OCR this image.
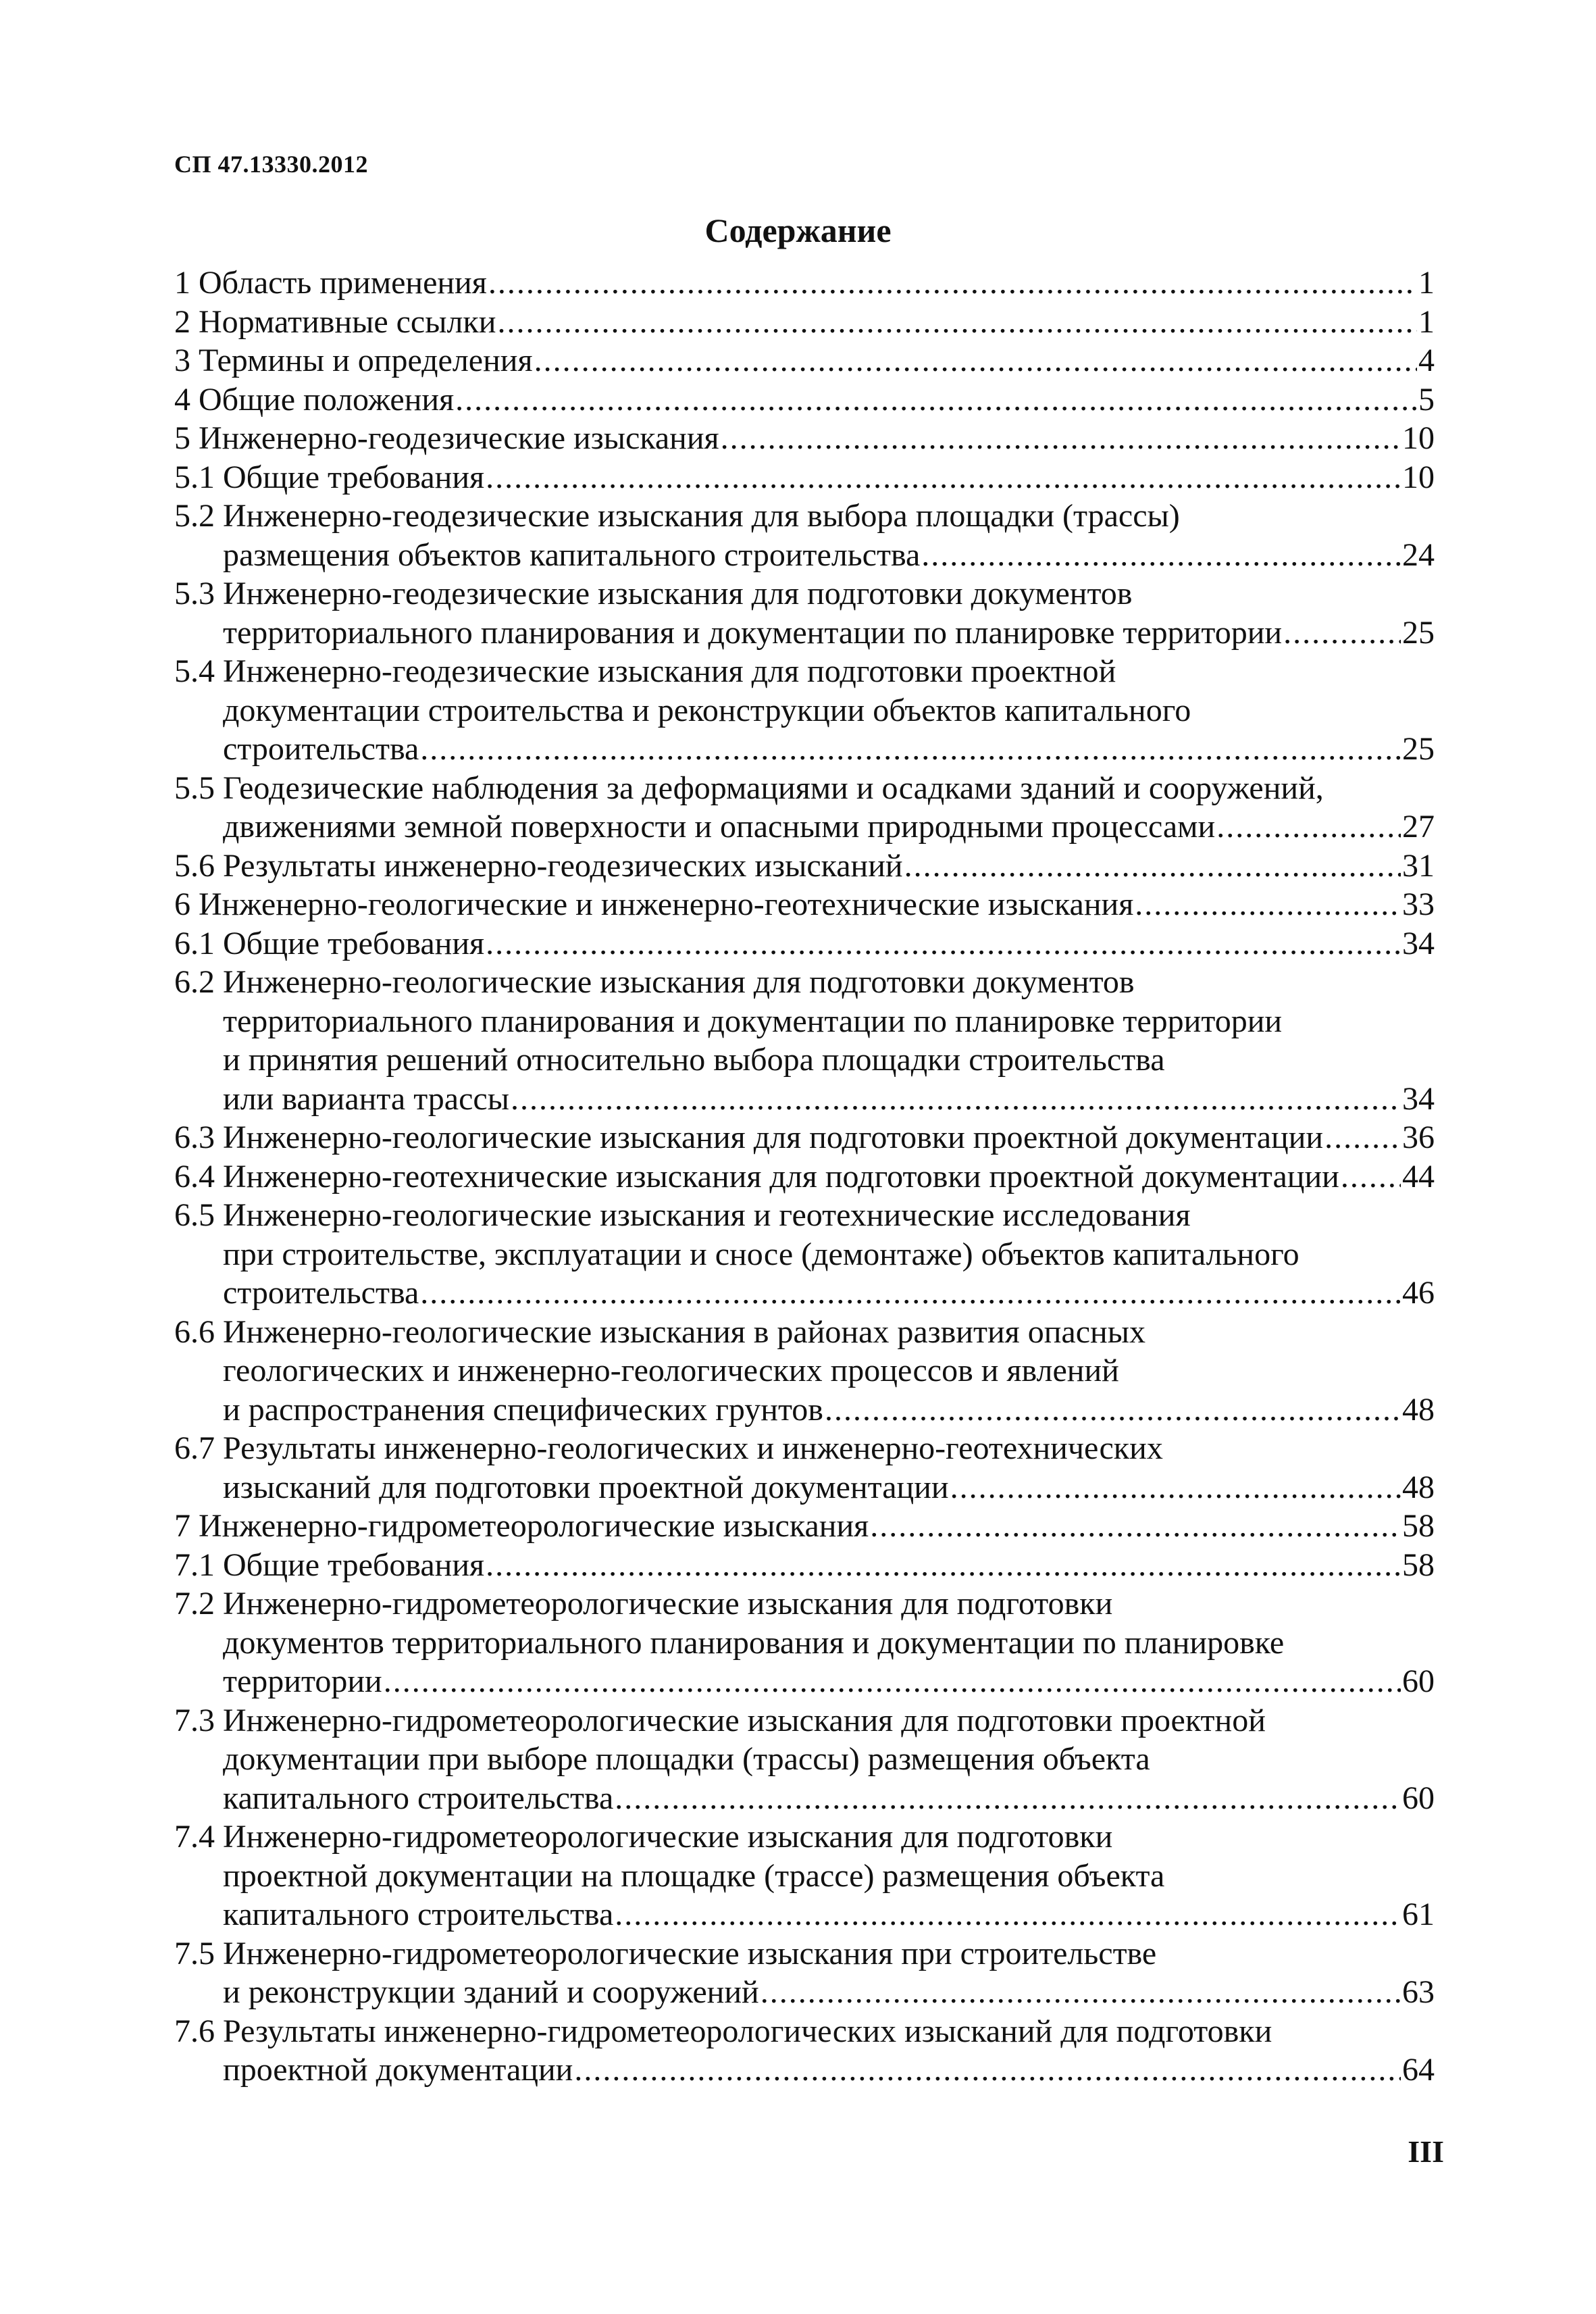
СП 47.13330.2012
Содержание
1 Область применения .....	1
2 Нормативные ссылки .....	1
3 Термины и определения .....	4
4 Общие положения .....	5
5 Инженерно-геодезические изыскания .....	10
5.1 Общие требования .....	10
5.2 Инженерно-геодезические изыскания для выбора площадки (трассы)
размещения объектов капитального строительства .....	24
5.3 Инженерно-геодезические изыскания для подготовки документов
территориального планирования и документации по планировке территории .....	25
5.4 Инженерно-геодезические изыскания для подготовки проектной
документации строительства и реконструкции объектов капитального
строительства .....	25
5.5 Геодезические наблюдения за деформациями и осадками зданий и сооружений,
движениями земной поверхности и опасными природными процессами .....	27
5.6 Результаты инженерно-геодезических изысканий .....	31
6 Инженерно-геологические и инженерно-геотехнические изыскания .....	33
6.1 Общие требования .....	34
6.2 Инженерно-геологические изыскания для подготовки документов
территориального планирования и документации по планировке территории
и принятия решений относительно выбора площадки строительства
или варианта трассы .....	34
6.3 Инженерно-геологические изыскания для подготовки проектной документации ..... 36
6.4 Инженерно-геотехнические изыскания для подготовки проектной документации ..... 44
6.5 Инженерно-геологические изыскания и геотехнические исследования
при строительстве, эксплуатации и сносе (демонтаже) объектов капитального
строительства .....	46
6.6 Инженерно-геологические изыскания в районах развития опасных
геологических и инженерно-геологических процессов и явлений
и распространения специфических грунтов .....	48
6.7 Результаты инженерно-геологических и инженерно-геотехнических
изысканий для подготовки проектной документации .....	48
7 Инженерно-гидрометеорологические изыскания .....	58
7.1 Общие требования .....	58
7.2 Инженерно-гидрометеорологические изыскания для подготовки
документов территориального планирования и документации по планировке
территории .....	60
7.3 Инженерно-гидрометеорологические изыскания для подготовки проектной
документации при выборе площадки (трассы) размещения объекта
капитального строительства .....	60
7.4 Инженерно-гидрометеорологические изыскания для подготовки
проектной документации на площадке (трассе) размещения объекта
капитального строительства .....	61
7.5 Инженерно-гидрометеорологические изыскания при строительстве
и реконструкции зданий и сооружений .....	63
7.6 Результаты инженерно-гидрометеорологических изысканий для подготовки
проектной документации .....	64
III
